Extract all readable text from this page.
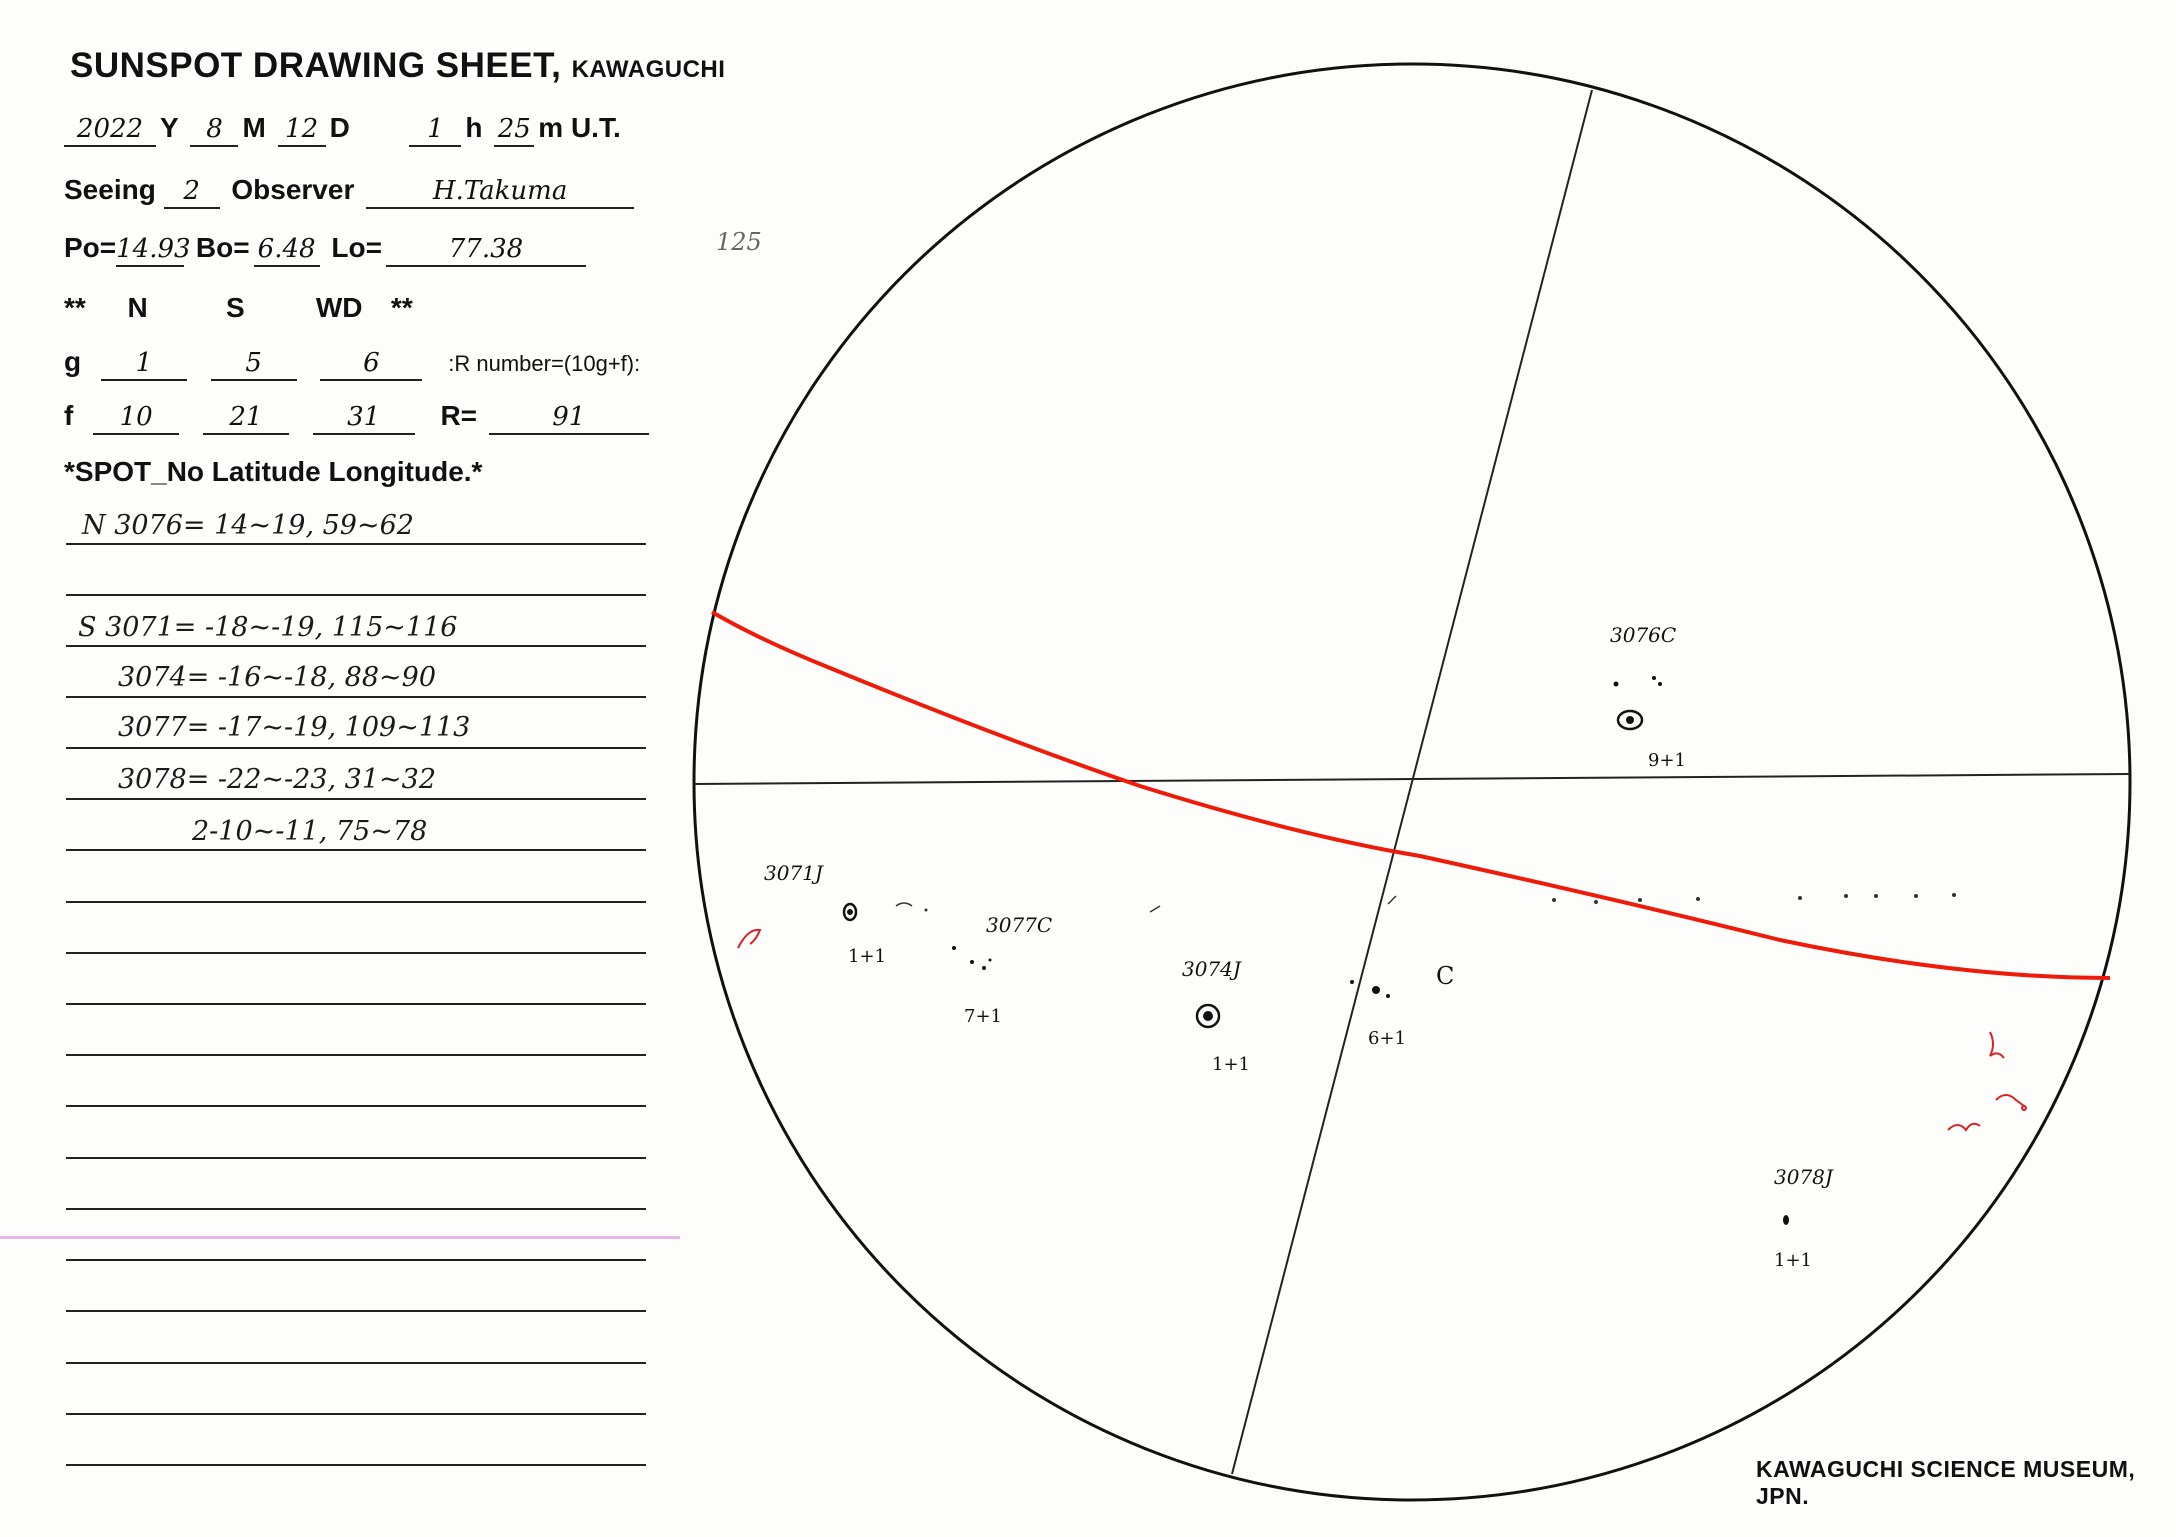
SUNSPOT DRAWING SHEET, KAWAGUCHI
2022 Y 8 M 12 D	1 h 25 m U.T.
Seeing 2 Observer	H.Takuma
Po=14.93 Bo= 6.48 Lo=	77.38
** N	S	WD **
g 1	5	6	:R number=(10g+f):
f 10	21	31 R=	91
*SPOT_No Latitude Longitude.*
N 3076= 14~19, 59~62
S 3071= -18~-19, 115~116
3074= -16~-18, 88~90
3077= -17~-19, 109~113
3078= -22~-23, 31~32
2-10~-11, 75~78
125
3076C
9+1
3071J
1+1
3077C
7+1
3074J
1+1
C
6+1
3078J
1+1
KAWAGUCHI SCIENCE MUSEUM, JPN.
